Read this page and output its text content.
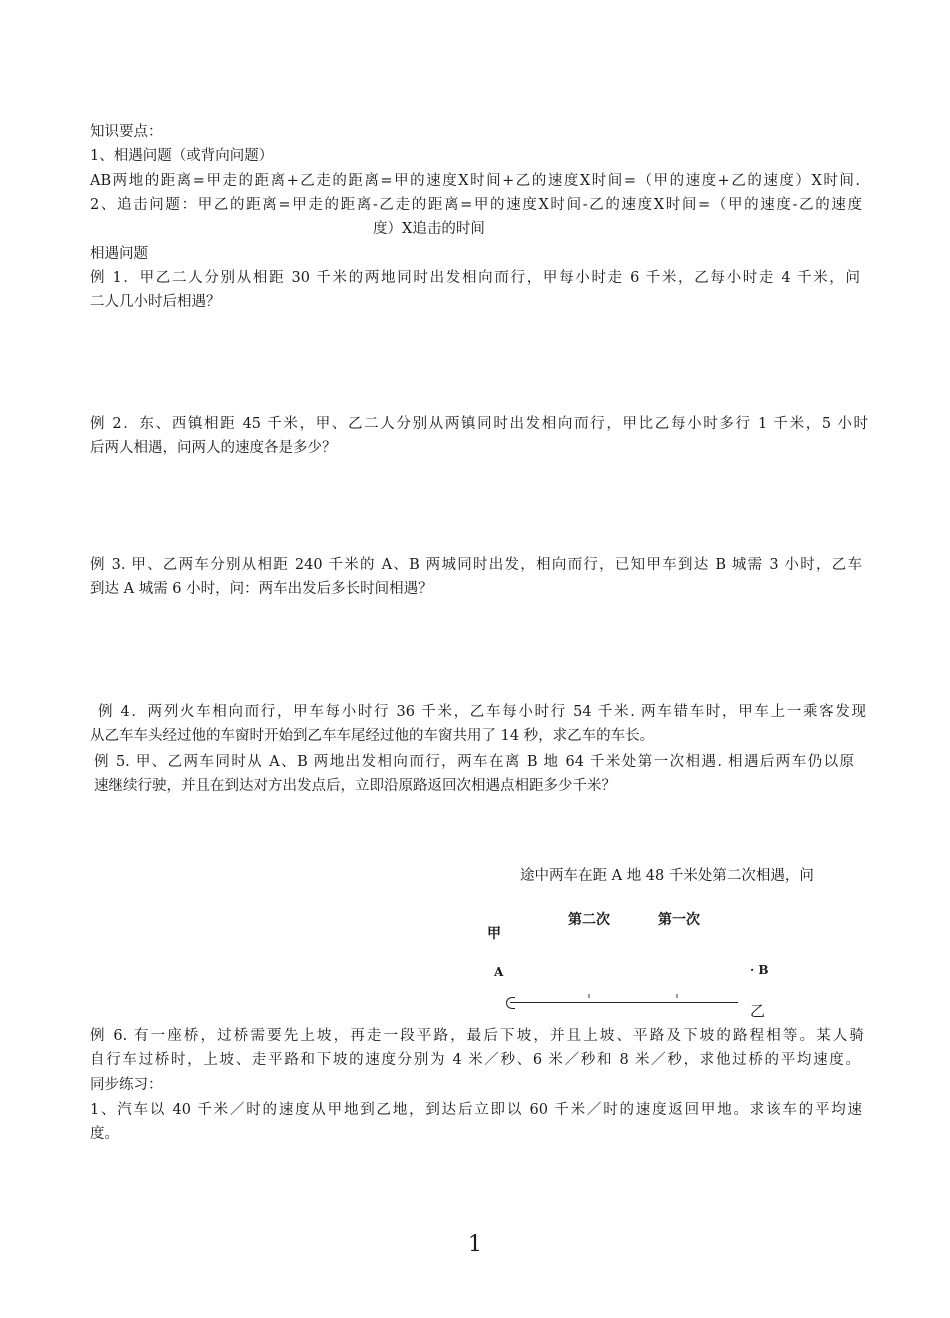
知识要点：
1、相遇问题（或背向问题）
AB两地的距离=甲走的距离+乙走的距离=甲的速度X时间+乙的速度X时间=（甲的速度+乙的速度）X时间.
2、追击问题：甲乙的距离=甲走的距离-乙走的距离=甲的速度X时间-乙的速度X时间=（甲的速度-乙的速度
度）X追击的时间
相遇问题
例 1．甲乙二人分别从相距 30 千米的两地同时出发相向而行，甲每小时走 6 千米，乙每小时走 4 千米，问
二人几小时后相遇？
例 2．东、西镇相距 45 千米，甲、乙二人分别从两镇同时出发相向而行，甲比乙每小时多行 1 千米，5 小时
后两人相遇，问两人的速度各是多少？
例 3. 甲、乙两车分别从相距 240 千米的 A、B 两城同时出发，相向而行，已知甲车到达 B 城需 3 小时，乙车
到达 A 城需 6 小时，问：两车出发后多长时间相遇？
例 4．两列火车相向而行，甲车每小时行 36 千米，乙车每小时行 54 千米. 两车错车时，甲车上一乘客发现
从乙车车头经过他的车窗时开始到乙车车尾经过他的车窗共用了 14 秒，求乙车的车长。
例 5. 甲、乙两车同时从 A、B 两地出发相向而行，两车在离 B 地 64 千米处第一次相遇. 相遇后两车仍以原
速继续行驶，并且在到达对方出发点后，立即沿原路返回次相遇点相距多少千米？
途中两车在距 A 地 48 千米处第二次相遇，问
第二次	第一次
甲
A	· B
乙
例 6. 有一座桥，过桥需要先上坡，再走一段平路，最后下坡，并且上坡、平路及下坡的路程相等。某人骑
自行车过桥时，上坡、走平路和下坡的速度分别为 4 米／秒、6 米／秒和 8 米／秒，求他过桥的平均速度。
同步练习：
1、汽车以 40 千米／时的速度从甲地到乙地，到达后立即以 60 千米／时的速度返回甲地。求该车的平均速
度。
1
